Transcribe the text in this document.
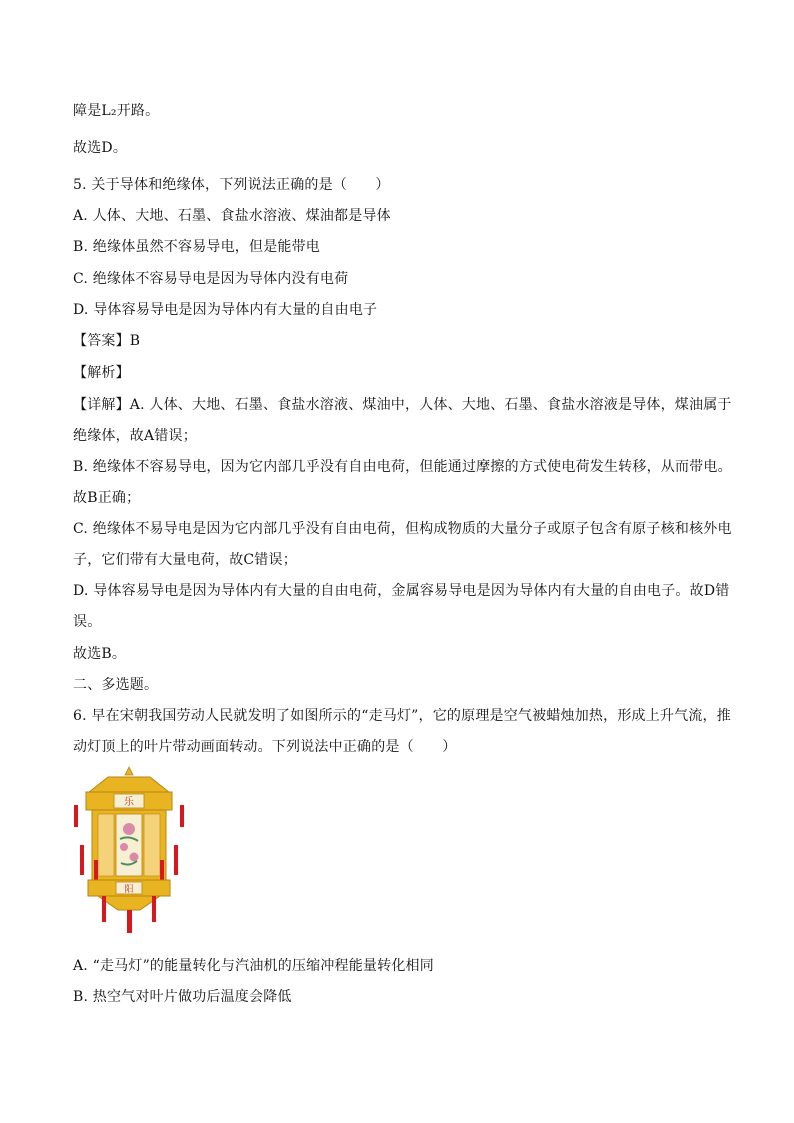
障是L₂开路。
故选D。
5. 关于导体和绝缘体，下列说法正确的是（　　）
A. 人体、大地、石墨、食盐水溶液、煤油都是导体
B. 绝缘体虽然不容易导电，但是能带电
C. 绝缘体不容易导电是因为导体内没有电荷
D. 导体容易导电是因为导体内有大量的自由电子
【答案】B
【解析】
【详解】A. 人体、大地、石墨、食盐水溶液、煤油中，人体、大地、石墨、食盐水溶液是导体，煤油属于
绝缘体，故A错误；
B. 绝缘体不容易导电，因为它内部几乎没有自由电荷，但能通过摩擦的方式使电荷发生转移，从而带电。
故B正确；
C. 绝缘体不易导电是因为它内部几乎没有自由电荷，但构成物质的大量分子或原子包含有原子核和核外电
子，它们带有大量电荷，故C错误；
D. 导体容易导电是因为导体内有大量的自由电荷，金属容易导电是因为导体内有大量的自由电子。故D错
误。
故选B。
二、多选题。
6. 早在宋朝我国劳动人民就发明了如图所示的“走马灯”，它的原理是空气被蜡烛加热，形成上升气流，推
动灯顶上的叶片带动画面转动。下列说法中正确的是（　　）
乐
阳
A. “走马灯”的能量转化与汽油机的压缩冲程能量转化相同
B. 热空气对叶片做功后温度会降低
